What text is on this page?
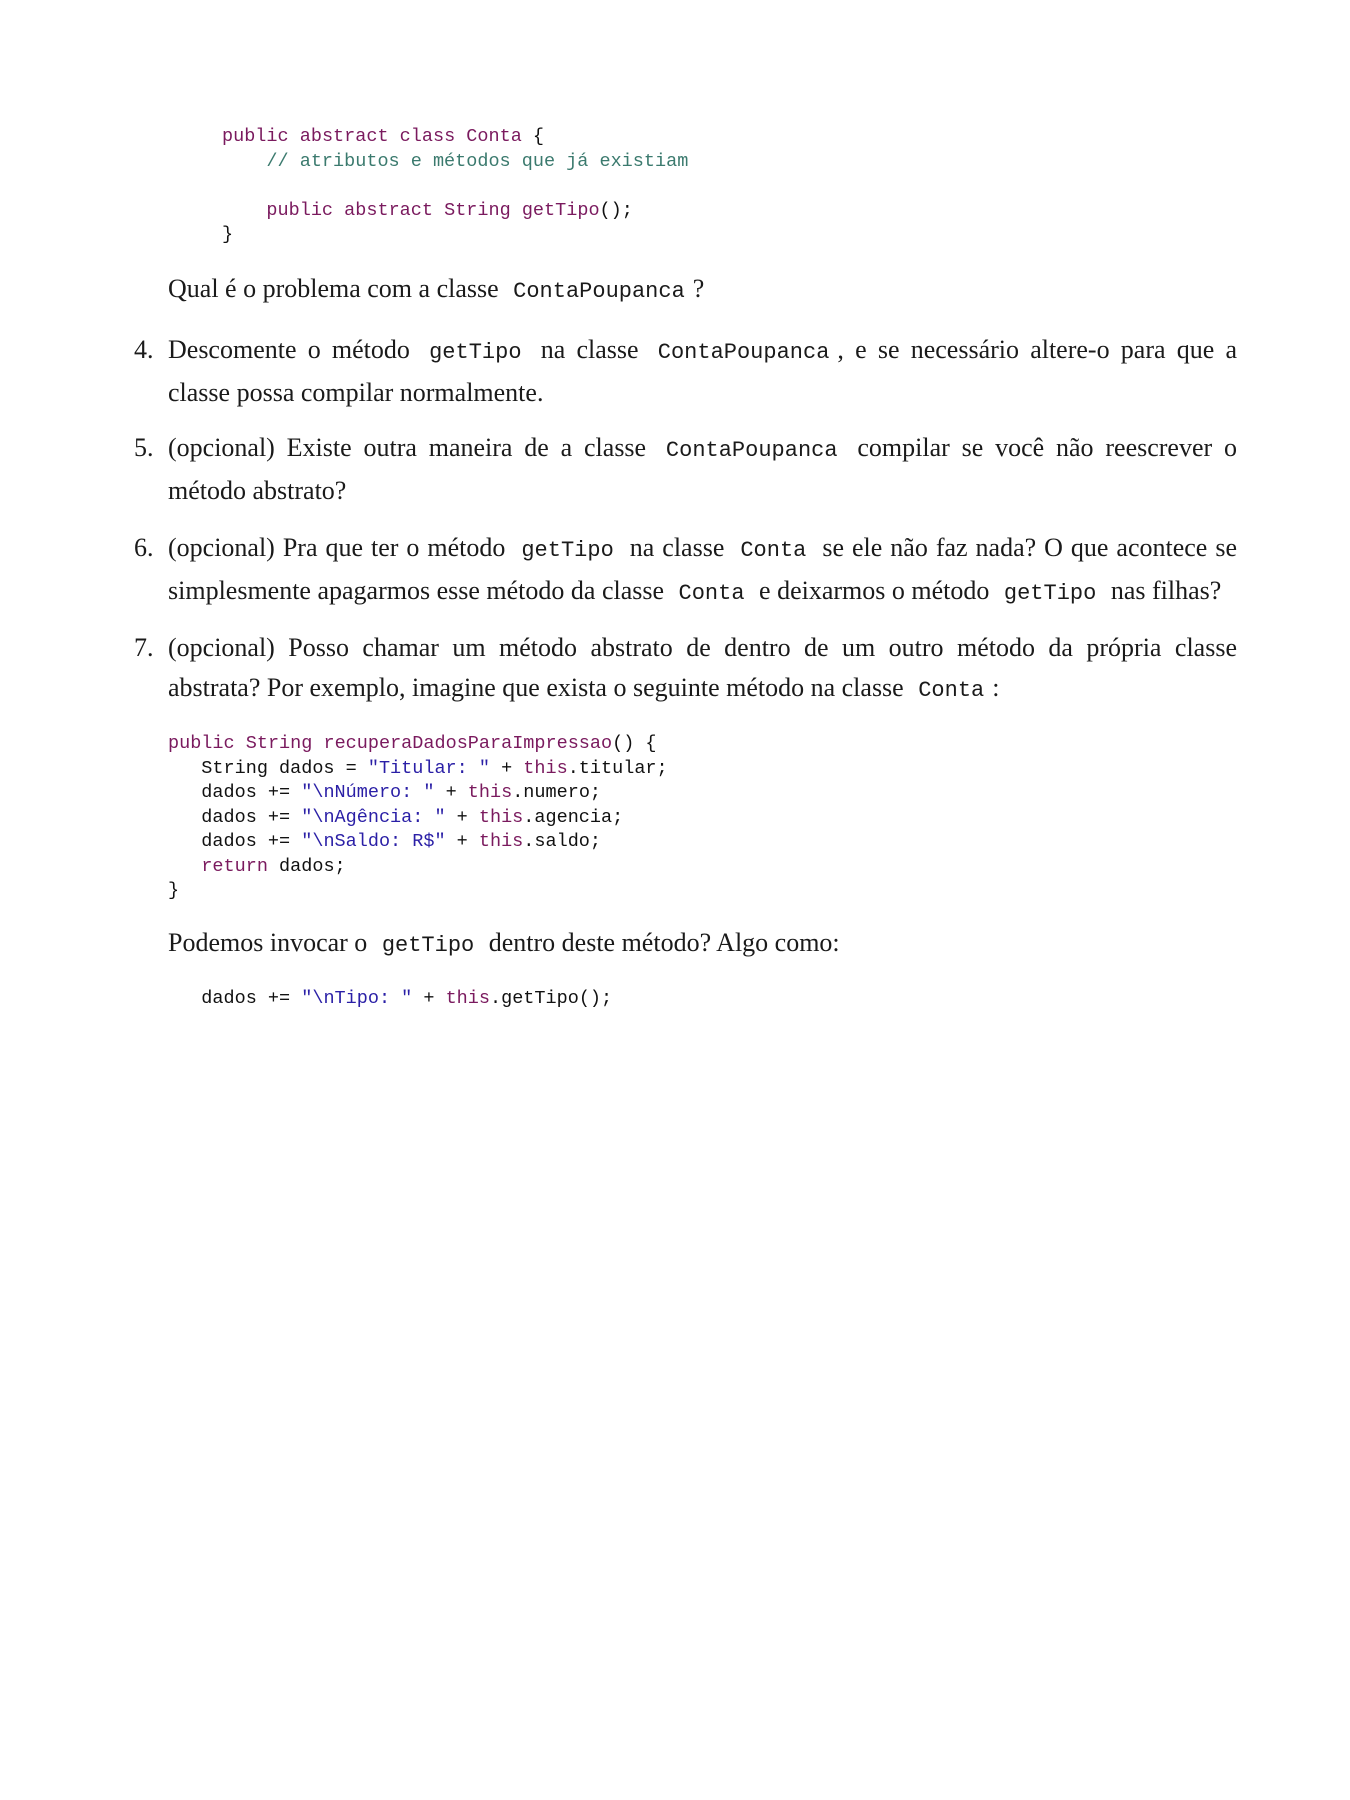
public abstract class Conta {
// atributos e métodos que já existiam

public abstract String getTipo();
}

Qual é o problema com a classe ContaPoupanca ?

4. Descomente o método getTipo na classe ContaPoupanca , e se necessário altere-o para que a classe possa compilar normalmente.

5. (opcional) Existe outra maneira de a classe ContaPoupanca compilar se você não reescrever o método abstrato?

6. (opcional) Pra que ter o método getTipo na classe Conta se ele não faz nada? O que acontece se simplesmente apagarmos esse método da classe Conta e deixarmos o método getTipo nas filhas?

7. (opcional) Posso chamar um método abstrato de dentro de um outro método da própria classe abstrata? Por exemplo, imagine que exista o seguinte método na classe Conta :

public String recuperaDadosParaImpressao() {
String dados = "Titular: " + this.titular;
dados += "\nNúmero: " + this.numero;
dados += "\nAgência: " + this.agencia;
dados += "\nSaldo: R$" + this.saldo;
return dados;
}

Podemos invocar o getTipo dentro deste método? Algo como:

dados += "\nTipo: " + this.getTipo();
